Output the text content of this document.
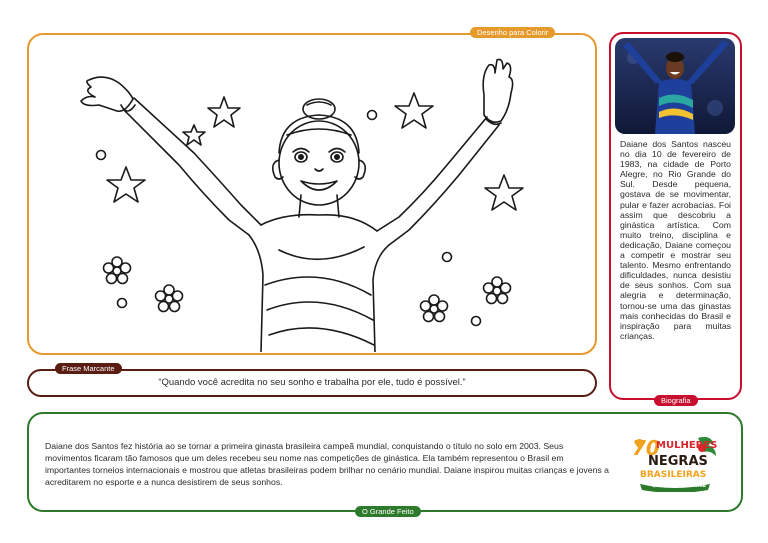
Desenho para Colorir
Daiane dos Santos nasceu no dia 10 de fevereiro de 1983, na cidade de Porto Alegre, no Rio Grande do Sul. Desde pequena, gostava de se movimentar, pular e fazer acrobacias. Foi assim que descobriu a ginástica artística. Com muito treino, disciplina e dedicação, Daiane começou a competir e mostrar seu talento. Mesmo enfrentando dificuldades, nunca desistiu de seus sonhos. Com sua alegria e determinação, tornou-se uma das ginastas mais conhecidas do Brasil e inspiração para muitas crianças.
Biografia
“Quando você acredita no seu sonho e trabalha por ele, tudo é possível.”
Frase Marcante
Daiane dos Santos fez história ao se tornar a primeira ginasta brasileira campeã mundial, conquistando o título no solo em 2003. Seus movimentos ficaram tão famosos que um deles recebeu seu nome nas competições de ginástica. Ela também representou o Brasil em importantes torneios internacionais e mostrou que atletas brasileiras podem brilhar no cenário mundial. Daiane inspirou muitas crianças e jovens a acreditarem no esporte e a nunca desistirem de seus sonhos.
O Grande Feito
70
MULHERES
NEGRAS
BRASILEIRAS
QUE FIZERAM HISTÓRIA
